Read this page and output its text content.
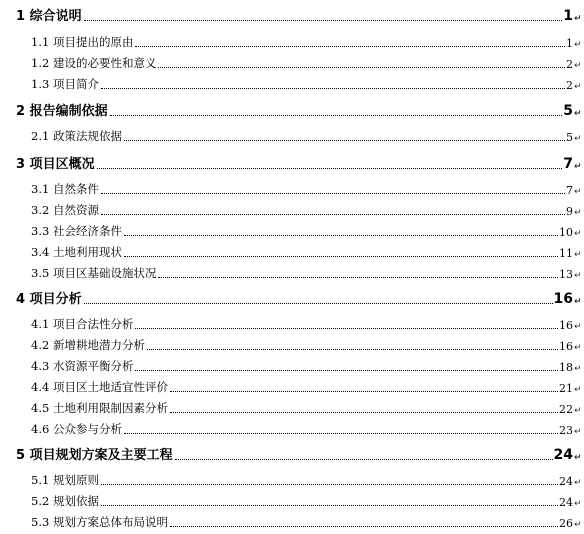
1 综合说明	1 ↵
1.1 项目提出的原由	1 ↵
1.2 建设的必要性和意义	2 ↵
1.3 项目简介	2 ↵
2 报告编制依据	5 ↵
2.1 政策法规依据	5 ↵
3 项目区概况	7 ↵
3.1 自然条件	7 ↵
3.2 自然资源	9 ↵
3.3 社会经济条件	10 ↵
3.4 土地利用现状	11 ↵
3.5 项目区基础设施状况	13 ↵
4 项目分析	16 ↵
4.1 项目合法性分析	16 ↵
4.2 新增耕地潜力分析	16 ↵
4.3 水资源平衡分析	18 ↵
4.4 项目区土地适宜性评价	21 ↵
4.5 土地利用限制因素分析	22 ↵
4.6 公众参与分析	23 ↵
5 项目规划方案及主要工程	24 ↵
5.1 规划原则	24 ↵
5.2 规划依据	24 ↵
5.3 规划方案总体布局说明	26 ↵
